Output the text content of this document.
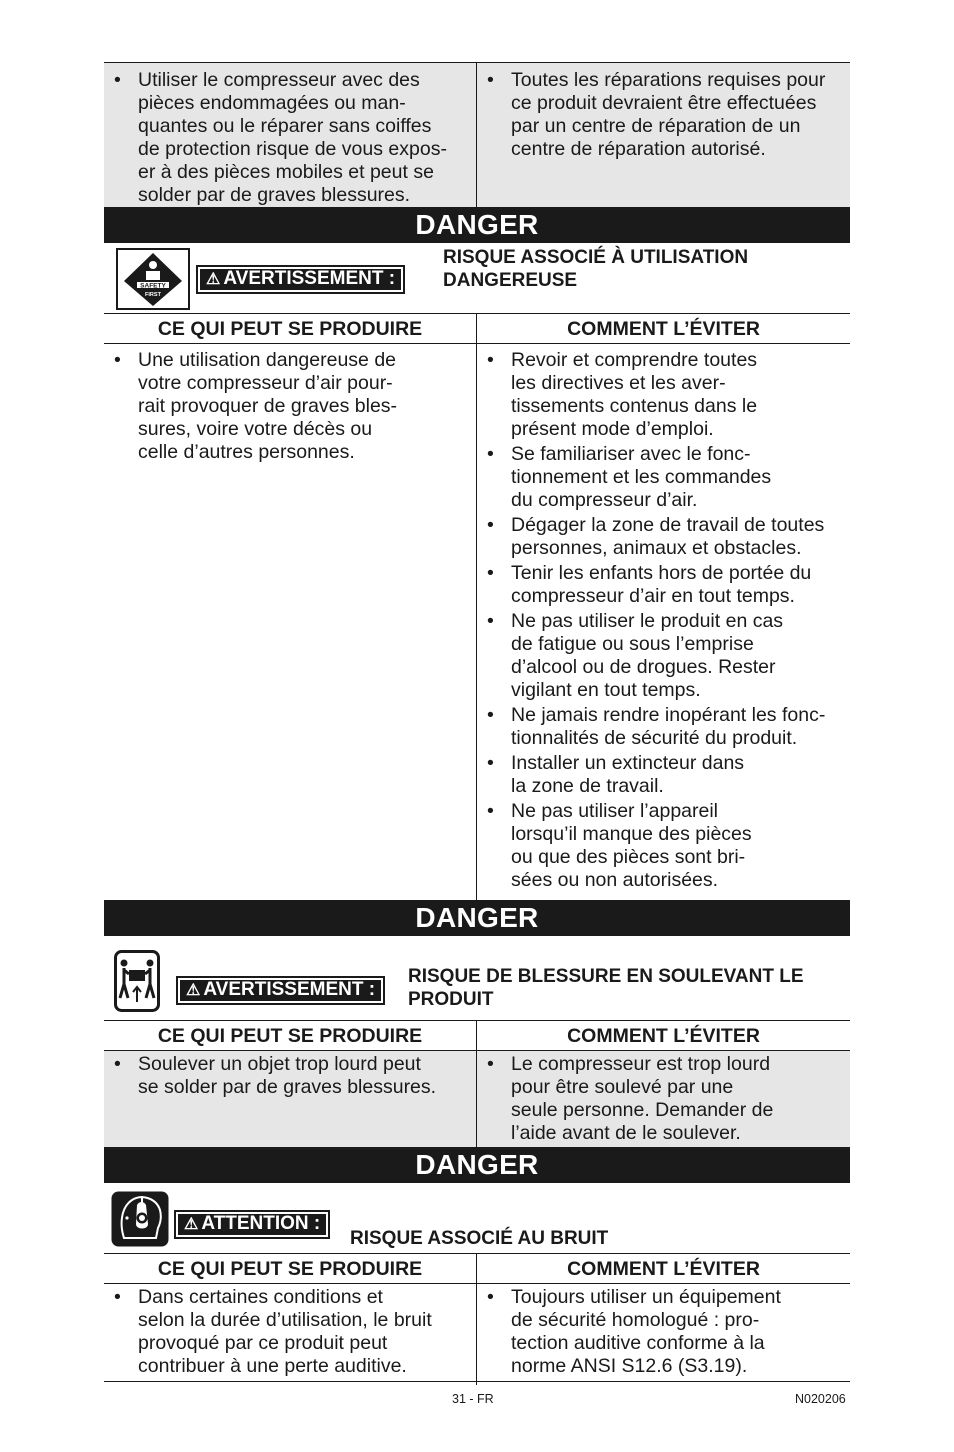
• Utiliser le compresseur avec des
pièces endommagées ou man-
quantes ou le réparer sans coiffes
de protection risque de vous expos-
er à des pièces mobiles et peut se
solder par de graves blessures.
• Toutes les réparations requises pour
ce produit devraient être effectuées
par un centre de réparation de un
centre de réparation autorisé.
DANGER
SAFETY
FIRST
⚠ AVERTISSEMENT :
RISQUE ASSOCIÉ À UTILISATION
DANGEREUSE
CE QUI PEUT SE PRODUIRE	COMMENT L’ÉVITER
• Une utilisation dangereuse de
votre compresseur d’air pour-
rait provoquer de graves bles-
sures, voire votre décès ou
celle d’autres personnes.
• Revoir et comprendre toutes
les directives et les aver-
tissements contenus dans le
présent mode d’emploi.
• Se familiariser avec le fonc-
tionnement et les commandes
du compresseur d’air.
• Dégager la zone de travail de toutes
personnes, animaux et obstacles.
• Tenir les enfants hors de portée du
compresseur d’air en tout temps.
• Ne pas utiliser le produit en cas
de fatigue ou sous l’emprise
d’alcool ou de drogues. Rester
vigilant en tout temps.
• Ne jamais rendre inopérant les fonc-
tionnalités de sécurité du produit.
• Installer un extincteur dans
la zone de travail.
• Ne pas utiliser l’appareil
lorsqu’il manque des pièces
ou que des pièces sont bri-
sées ou non autorisées.
DANGER
⚠ AVERTISSEMENT :
RISQUE DE BLESSURE EN SOULEVANT LE
PRODUIT
CE QUI PEUT SE PRODUIRE	COMMENT L’ÉVITER
• Soulever un objet trop lourd peut
se solder par de graves blessures.
• Le compresseur est trop lourd
pour être soulevé par une
seule personne. Demander de
l’aide avant de le soulever.
DANGER
⚠ ATTENTION :
RISQUE ASSOCIÉ AU BRUIT
CE QUI PEUT SE PRODUIRE	COMMENT L’ÉVITER
• Dans certaines conditions et
selon la durée d’utilisation, le bruit
provoqué par ce produit peut
contribuer à une perte auditive.
• Toujours utiliser un équipement
de sécurité homologué : pro-
tection auditive conforme à la
norme ANSI S12.6 (S3.19).
31 - FR	N020206
